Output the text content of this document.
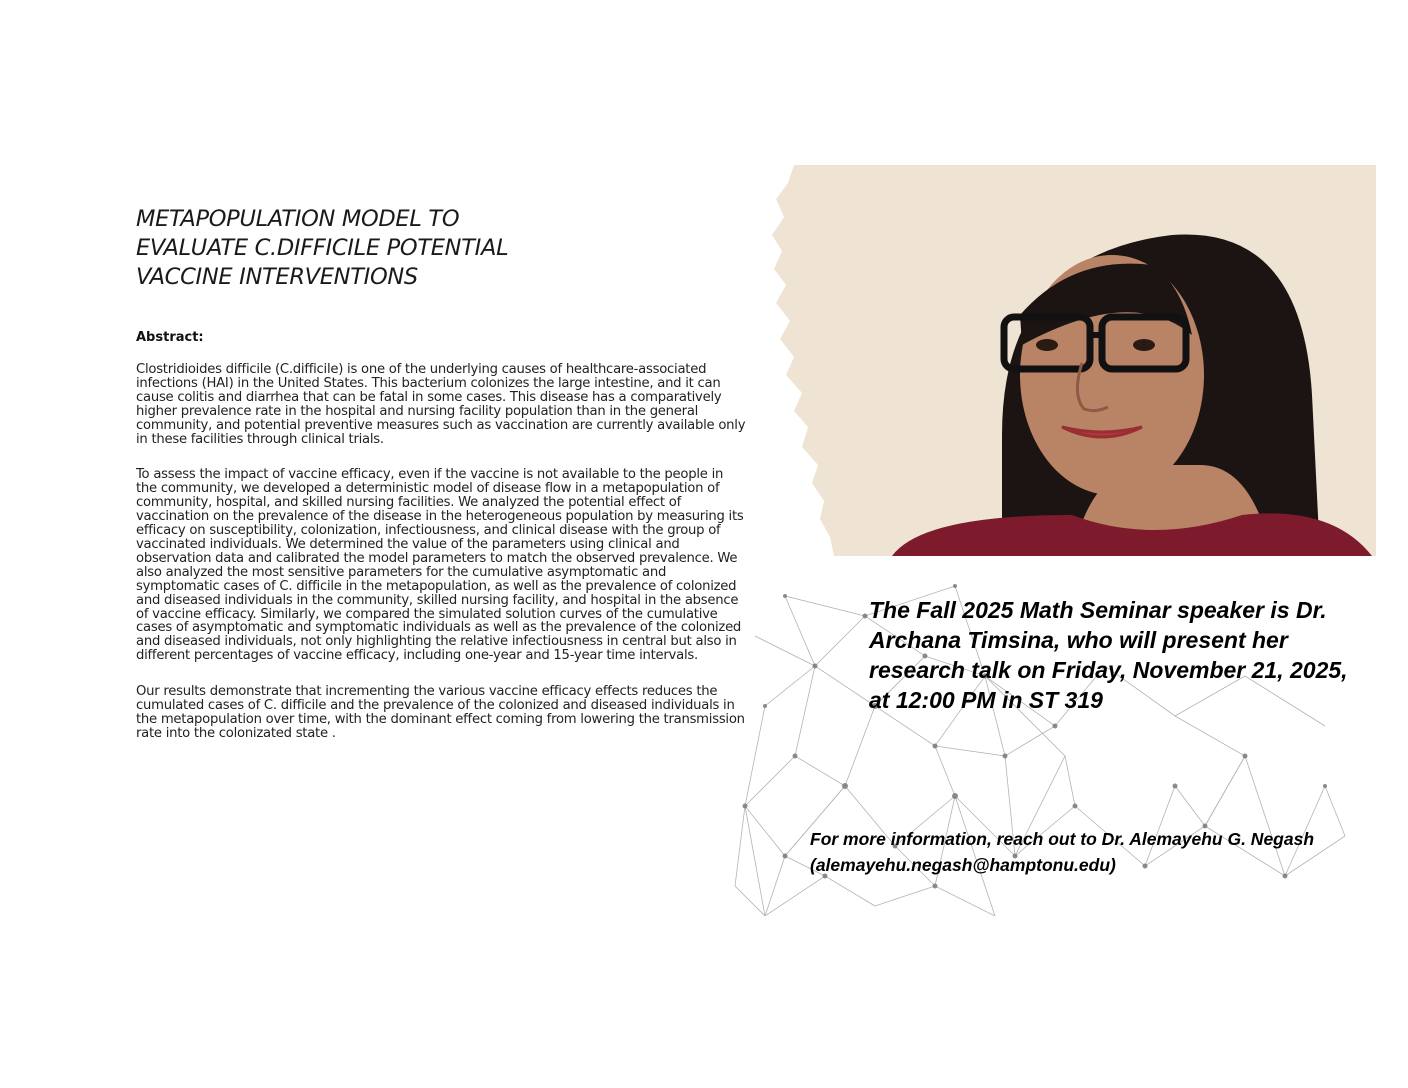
METAPOPULATION MODEL TO
EVALUATE C.DIFFICILE POTENTIAL
VACCINE INTERVENTIONS

Abstract:

Clostridioides difficile (C.difficile) is one of the underlying causes of healthcare-associated infections (HAI) in the United States. This bacterium colonizes the large intestine, and it can cause colitis and diarrhea that can be fatal in some cases. This disease has a comparatively higher prevalence rate in the hospital and nursing facility population than in the general community, and potential preventive measures such as vaccination are currently available only in these facilities through clinical trials.

To assess the impact of vaccine efficacy, even if the vaccine is not available to the people in the community, we developed a deterministic model of disease flow in a metapopulation of community, hospital, and skilled nursing facilities. We analyzed the potential effect of vaccination on the prevalence of the disease in the heterogeneous population by measuring its efficacy on susceptibility, colonization, infectiousness, and clinical disease with the group of vaccinated individuals. We determined the value of the parameters using clinical and observation data and calibrated the model parameters to match the observed prevalence. We also analyzed the most sensitive parameters for the cumulative asymptomatic and symptomatic cases of C. difficile in the metapopulation, as well as the prevalence of colonized and diseased individuals in the community, skilled nursing facility, and hospital in the absence of vaccine efficacy. Similarly, we compared the simulated solution curves of the cumulative cases of asymptomatic and symptomatic individuals as well as the prevalence of the colonized and diseased individuals, not only highlighting the relative infectiousness in central but also in different percentages of vaccine efficacy, including one-year and 15-year time intervals.

Our results demonstrate that incrementing the various vaccine efficacy effects reduces the cumulated cases of C. difficile and the prevalence of the colonized and diseased individuals in the metapopulation over time, with the dominant effect coming from lowering the transmission rate into the colonizated state .

The Fall 2025 Math Seminar speaker is Dr. Archana Timsina, who will present her research talk on Friday, November 21, 2025, at 12:00 PM in ST 319

For more information, reach out to Dr. Alemayehu G. Negash (alemayehu.negash@hamptonu.edu)
